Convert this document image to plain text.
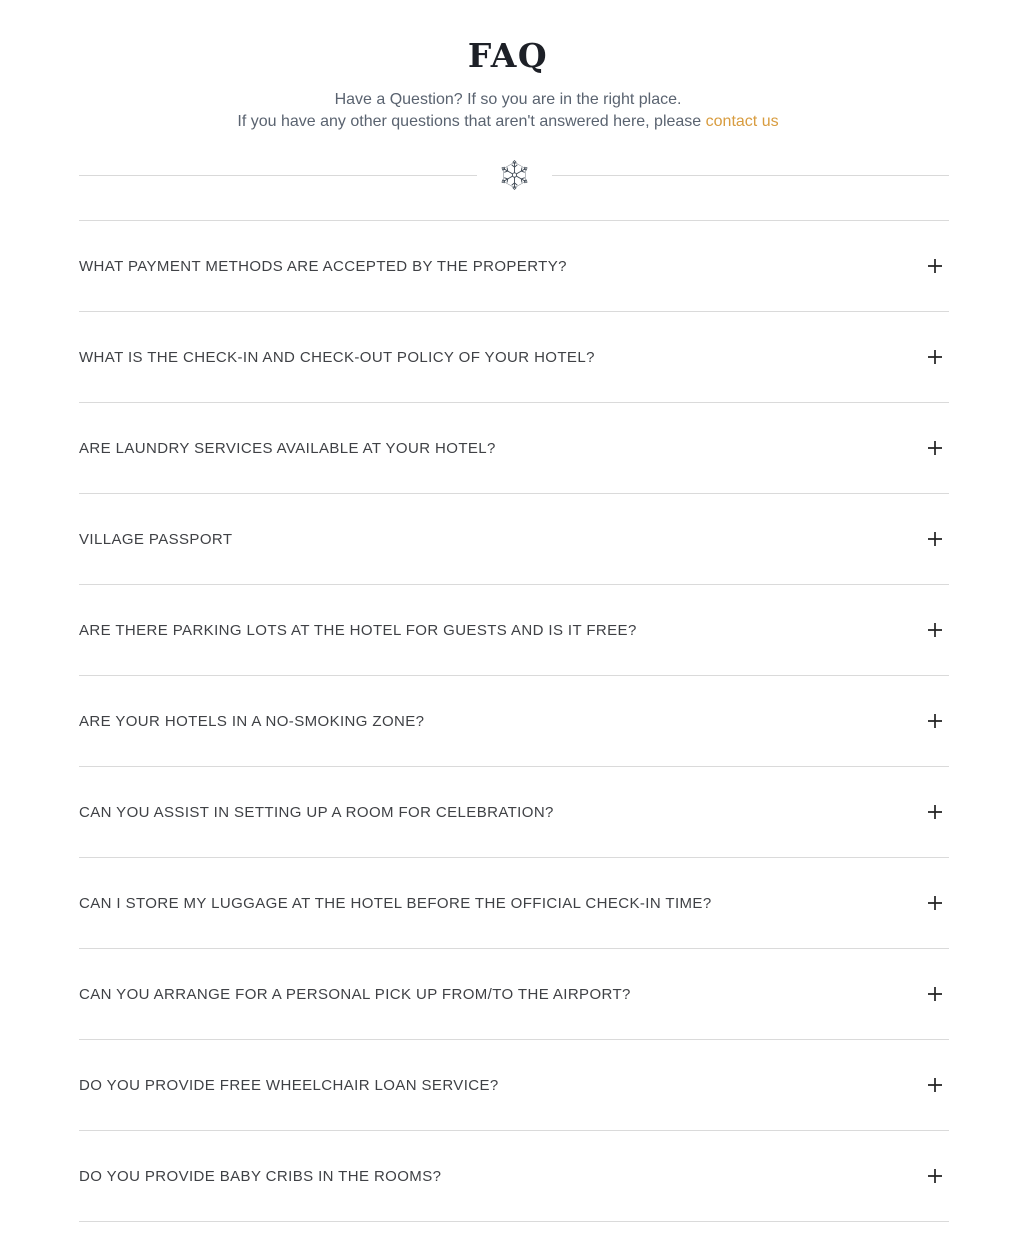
FAQ
Have a Question? If so you are in the right place.
If you have any other questions that aren't answered here, please contact us
WHAT PAYMENT METHODS ARE ACCEPTED BY THE PROPERTY?
WHAT IS THE CHECK-IN AND CHECK-OUT POLICY OF YOUR HOTEL?
ARE LAUNDRY SERVICES AVAILABLE AT YOUR HOTEL?
VILLAGE PASSPORT
ARE THERE PARKING LOTS AT THE HOTEL FOR GUESTS AND IS IT FREE?
ARE YOUR HOTELS IN A NO-SMOKING ZONE?
CAN YOU ASSIST IN SETTING UP A ROOM FOR CELEBRATION?
CAN I STORE MY LUGGAGE AT THE HOTEL BEFORE THE OFFICIAL CHECK-IN TIME?
CAN YOU ARRANGE FOR A PERSONAL PICK UP FROM/TO THE AIRPORT?
DO YOU PROVIDE FREE WHEELCHAIR LOAN SERVICE?
DO YOU PROVIDE BABY CRIBS IN THE ROOMS?
